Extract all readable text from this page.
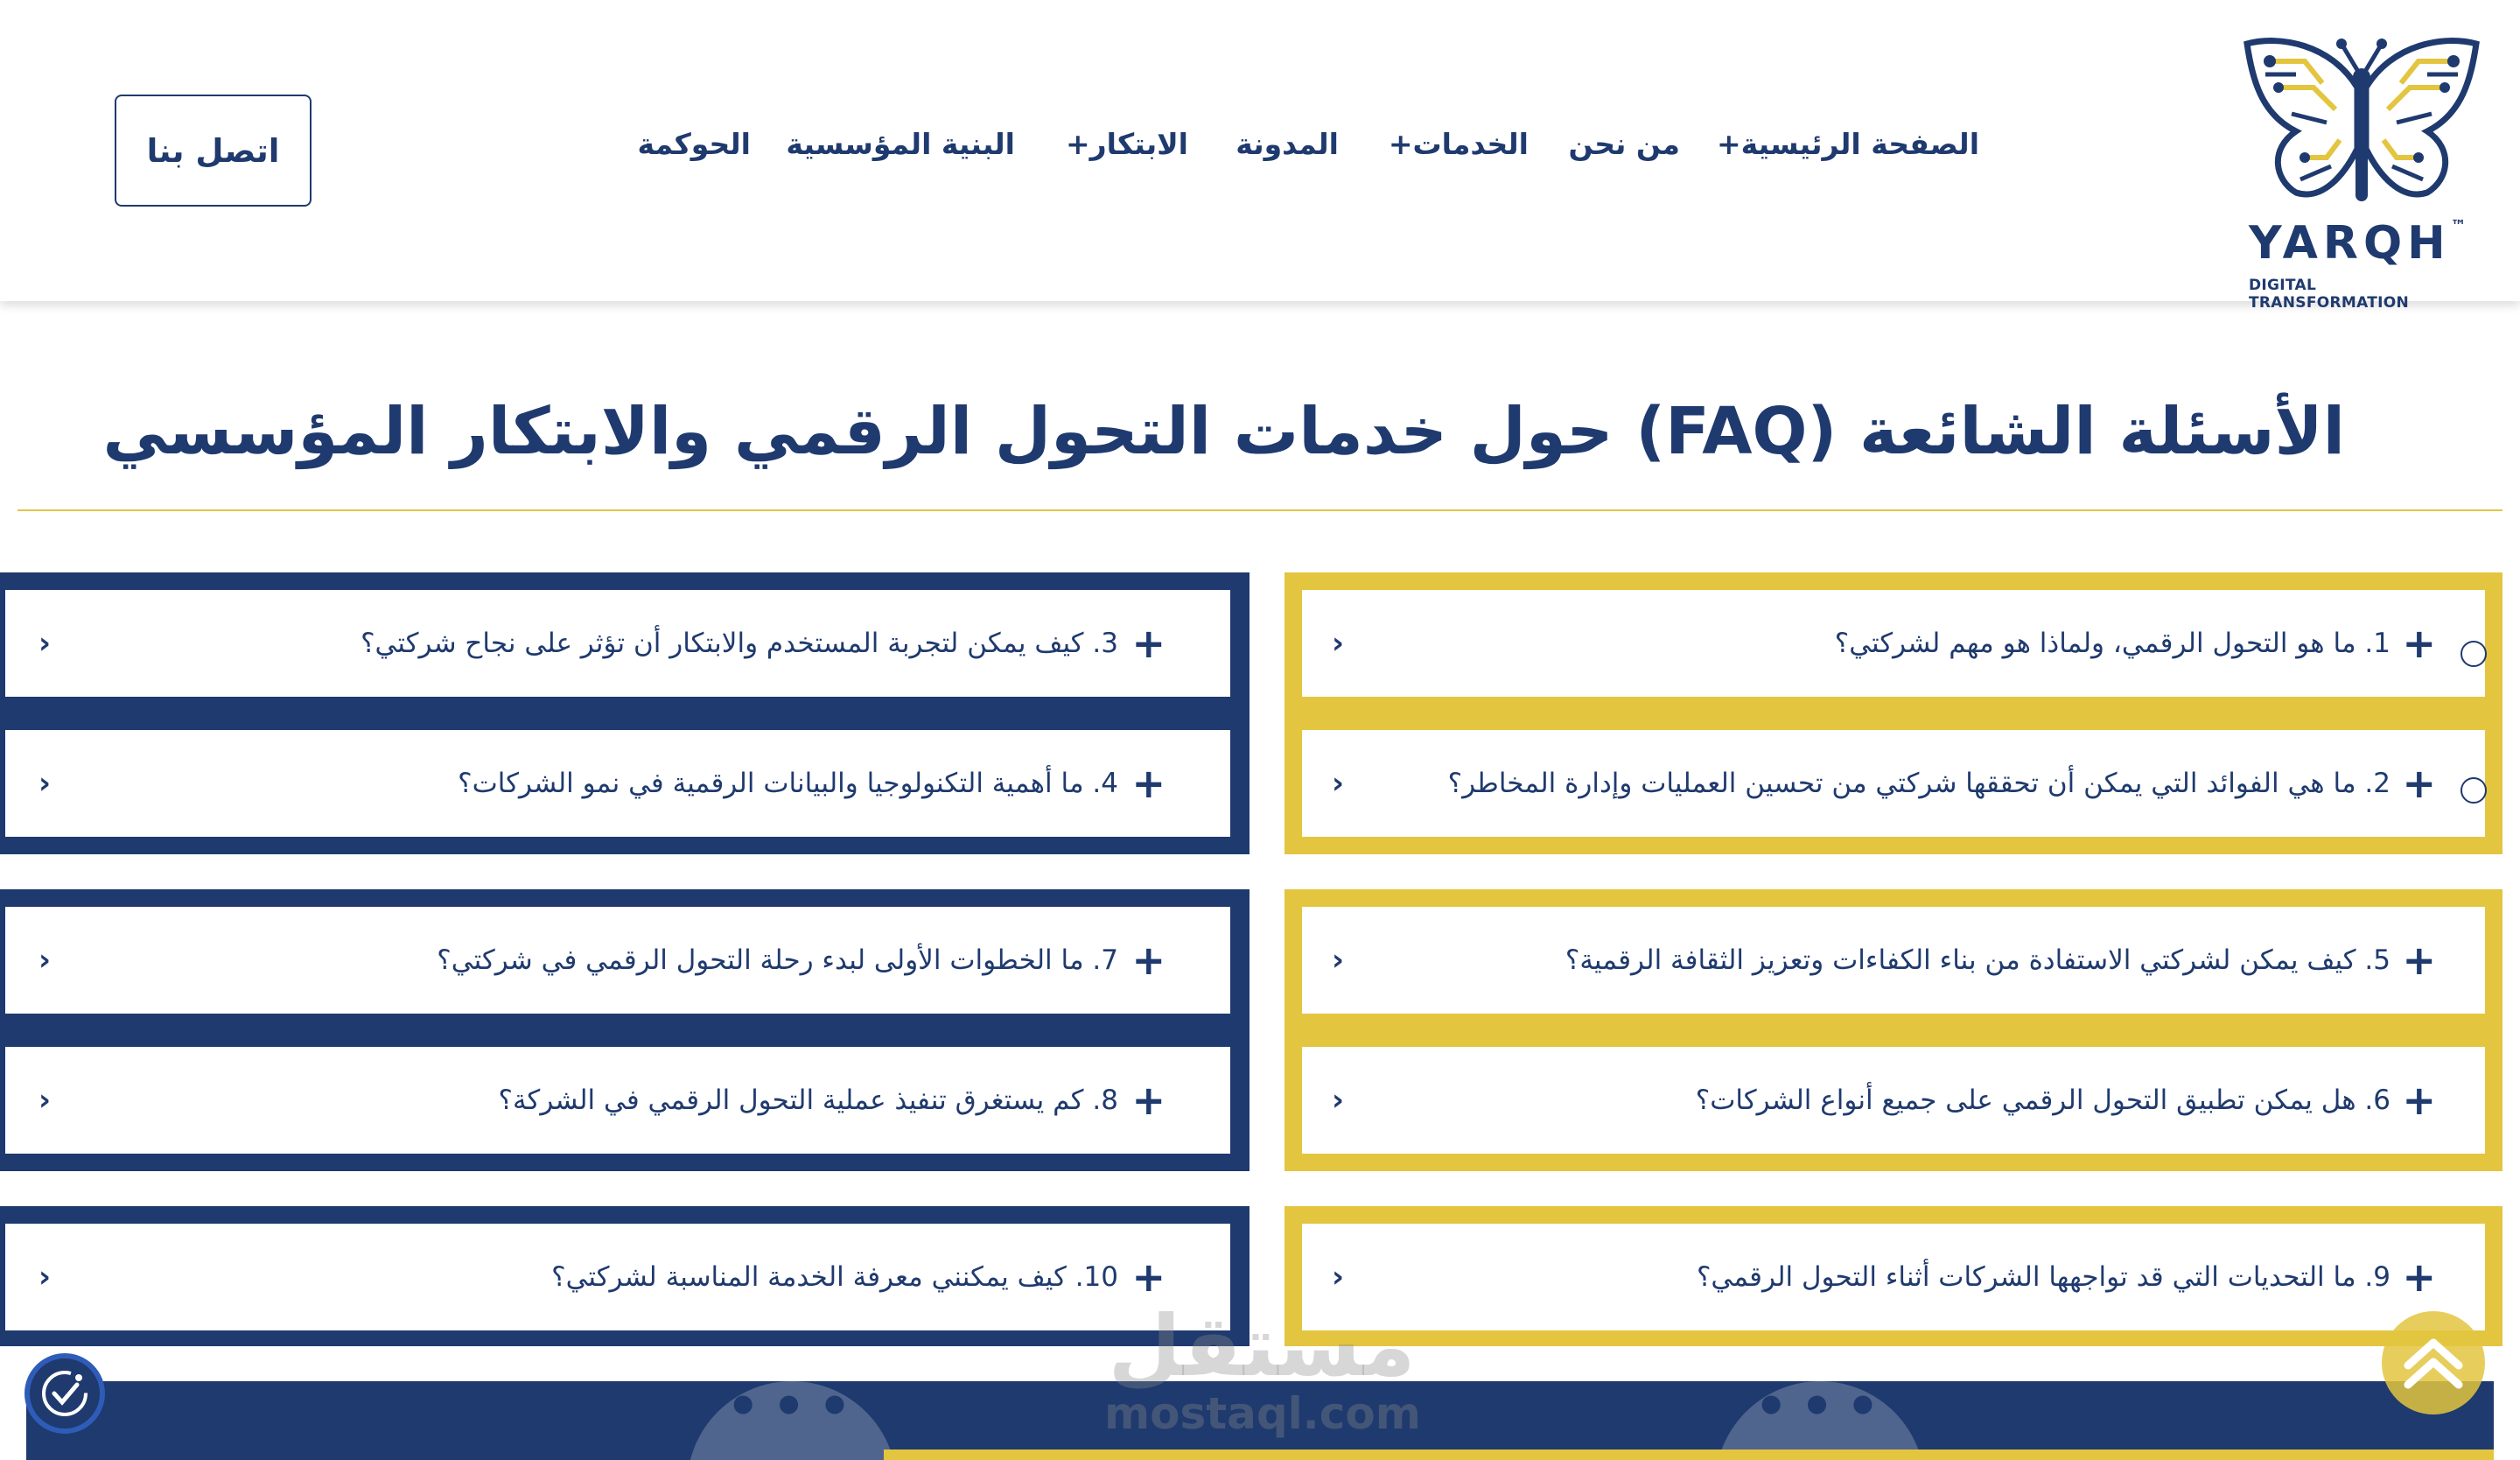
YARQH™
DIGITAL TRANSFORMATION
الصفحة الرئيسية+
من نحن
الخدمات+
المدونة
الابتكار+
البنية المؤسسية
الحوكمة
اتصل بنا
الأسئلة الشائعة (FAQ) حول خدمات التحول الرقمي والابتكار المؤسسي
›	1. ما هو التحول الرقمي، ولماذا هو مهم لشركتي؟ +
›	2. ما هي الفوائد التي يمكن أن تحققها شركتي من تحسين العمليات وإدارة المخاطر؟ +
›	3. كيف يمكن لتجربة المستخدم والابتكار أن تؤثر على نجاح شركتي؟ +
›	4. ما أهمية التكنولوجيا والبيانات الرقمية في نمو الشركات؟ +
›	5. كيف يمكن لشركتي الاستفادة من بناء الكفاءات وتعزيز الثقافة الرقمية؟ +
›	6. هل يمكن تطبيق التحول الرقمي على جميع أنواع الشركات؟ +
›	7. ما الخطوات الأولى لبدء رحلة التحول الرقمي في شركتي؟ +
›	8. كم يستغرق تنفيذ عملية التحول الرقمي في الشركة؟ +
›	9. ما التحديات التي قد تواجهها الشركات أثناء التحول الرقمي؟ +
›	10. كيف يمكنني معرفة الخدمة المناسبة لشركتي؟ +
•••	•••
مستقل
mostaql.com
